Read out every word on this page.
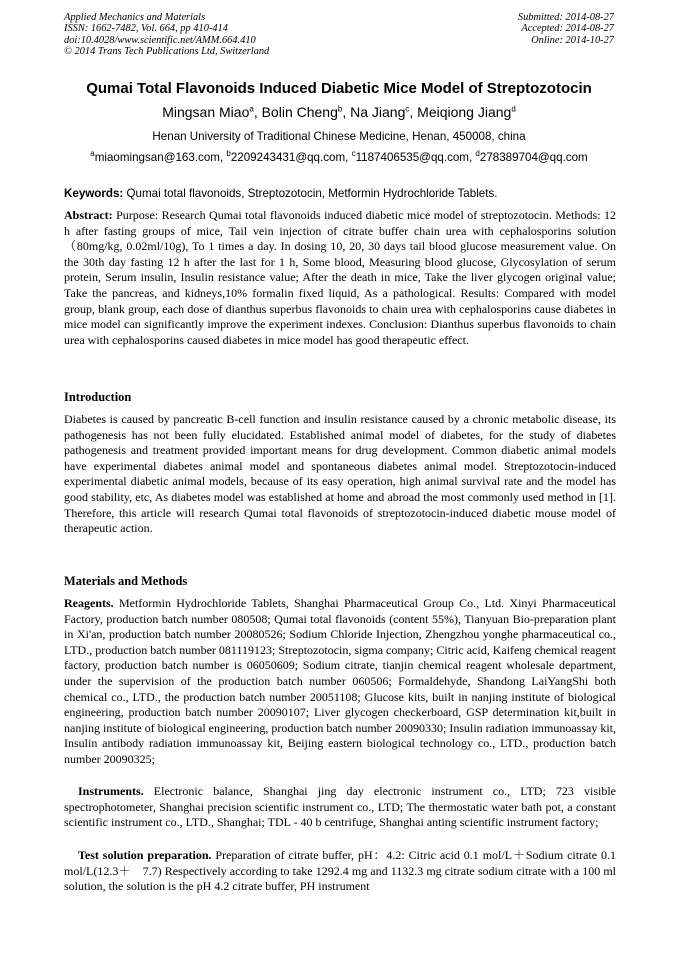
Applied Mechanics and Materials
ISSN: 1662-7482, Vol. 664, pp 410-414
doi:10.4028/www.scientific.net/AMM.664.410
© 2014 Trans Tech Publications Ltd, Switzerland
Submitted: 2014-08-27
Accepted: 2014-08-27
Online: 2014-10-27
Qumai Total Flavonoids Induced Diabetic Mice Model of Streptozotocin
Mingsan Miao$^a$, Bolin Cheng$^b$, Na Jiang$^c$, Meiqiong Jiang$^d$
Henan University of Traditional Chinese Medicine, Henan, 450008, china
$^a$miaomingsan@163.com, $^b$2209243431@qq.com, $^c$1187406535@qq.com, $^d$278389704@qq.com
Keywords: Qumai total flavonoids, Streptozotocin, Metformin Hydrochloride Tablets.
Abstract: Purpose: Research Qumai total flavonoids induced diabetic mice model of streptozotocin. Methods: 12 h after fasting groups of mice, Tail vein injection of citrate buffer chain urea with cephalosporins solution（80mg/kg, 0.02ml/10g), To 1 times a day. In dosing 10, 20, 30 days tail blood glucose measurement value. On the 30th day fasting 12 h after the last for 1 h, Some blood, Measuring blood glucose, Glycosylation of serum protein, Serum insulin, Insulin resistance value; After the death in mice, Take the liver glycogen original value; Take the pancreas, and kidneys,10% formalin fixed liquid, As a pathological. Results: Compared with model group, blank group, each dose of dianthus superbus flavonoids to chain urea with cephalosporins cause diabetes in mice model can significantly improve the experiment indexes. Conclusion: Dianthus superbus flavonoids to chain urea with cephalosporins caused diabetes in mice model has good therapeutic effect.
Introduction
Diabetes is caused by pancreatic B-cell function and insulin resistance caused by a chronic metabolic disease, its pathogenesis has not been fully elucidated. Established animal model of diabetes, for the study of diabetes pathogenesis and treatment provided important means for drug development. Common diabetic animal models have experimental diabetes animal model and spontaneous diabetes animal model. Streptozotocin-induced experimental diabetic animal models, because of its easy operation, high animal survival rate and the model has good stability, etc, As diabetes model was established at home and abroad the most commonly used method in [1]. Therefore, this article will research Qumai total flavonoids of streptozotocin-induced diabetic mouse model of therapeutic action.
Materials and Methods
Reagents. Metformin Hydrochloride Tablets, Shanghai Pharmaceutical Group Co., Ltd. Xinyi Pharmaceutical Factory, production batch number 080508; Qumai total flavonoids (content 55%), Tianyuan Bio-preparation plant in Xi'an, production batch number 20080526; Sodium Chloride Injection, Zhengzhou yonghe pharmaceutical co., LTD., production batch number 081119123; Streptozotocin, sigma company; Citric acid, Kaifeng chemical reagent factory, production batch number is 06050609; Sodium citrate, tianjin chemical reagent wholesale department, under the supervision of the production batch number 060506; Formaldehyde, Shandong LaiYangShi both chemical co., LTD., the production batch number 20051108; Glucose kits, built in nanjing institute of biological engineering, production batch number 20090107; Liver glycogen checkerboard, GSP determination kit,built in nanjing institute of biological engineering, production batch number 20090330; Insulin radiation immunoassay kit, Insulin antibody radiation immunoassay kit, Beijing eastern biological technology co., LTD., production batch number 20090325;
Instruments. Electronic balance, Shanghai jing day electronic instrument co., LTD; 723 visible spectrophotometer, Shanghai precision scientific instrument co., LTD; The thermostatic water bath pot, a constant scientific instrument co., LTD., Shanghai; TDL - 40 b centrifuge, Shanghai anting scientific instrument factory;
Test solution preparation. Preparation of citrate buffer, pH：4.2: Citric acid 0.1 mol/L＋Sodium citrate 0.1 mol/L(12.3＋　7.7) Respectively according to take 1292.4 mg and 1132.3 mg citrate sodium citrate with a 100 ml solution, the solution is the pH 4.2 citrate buffer, PH instrument
